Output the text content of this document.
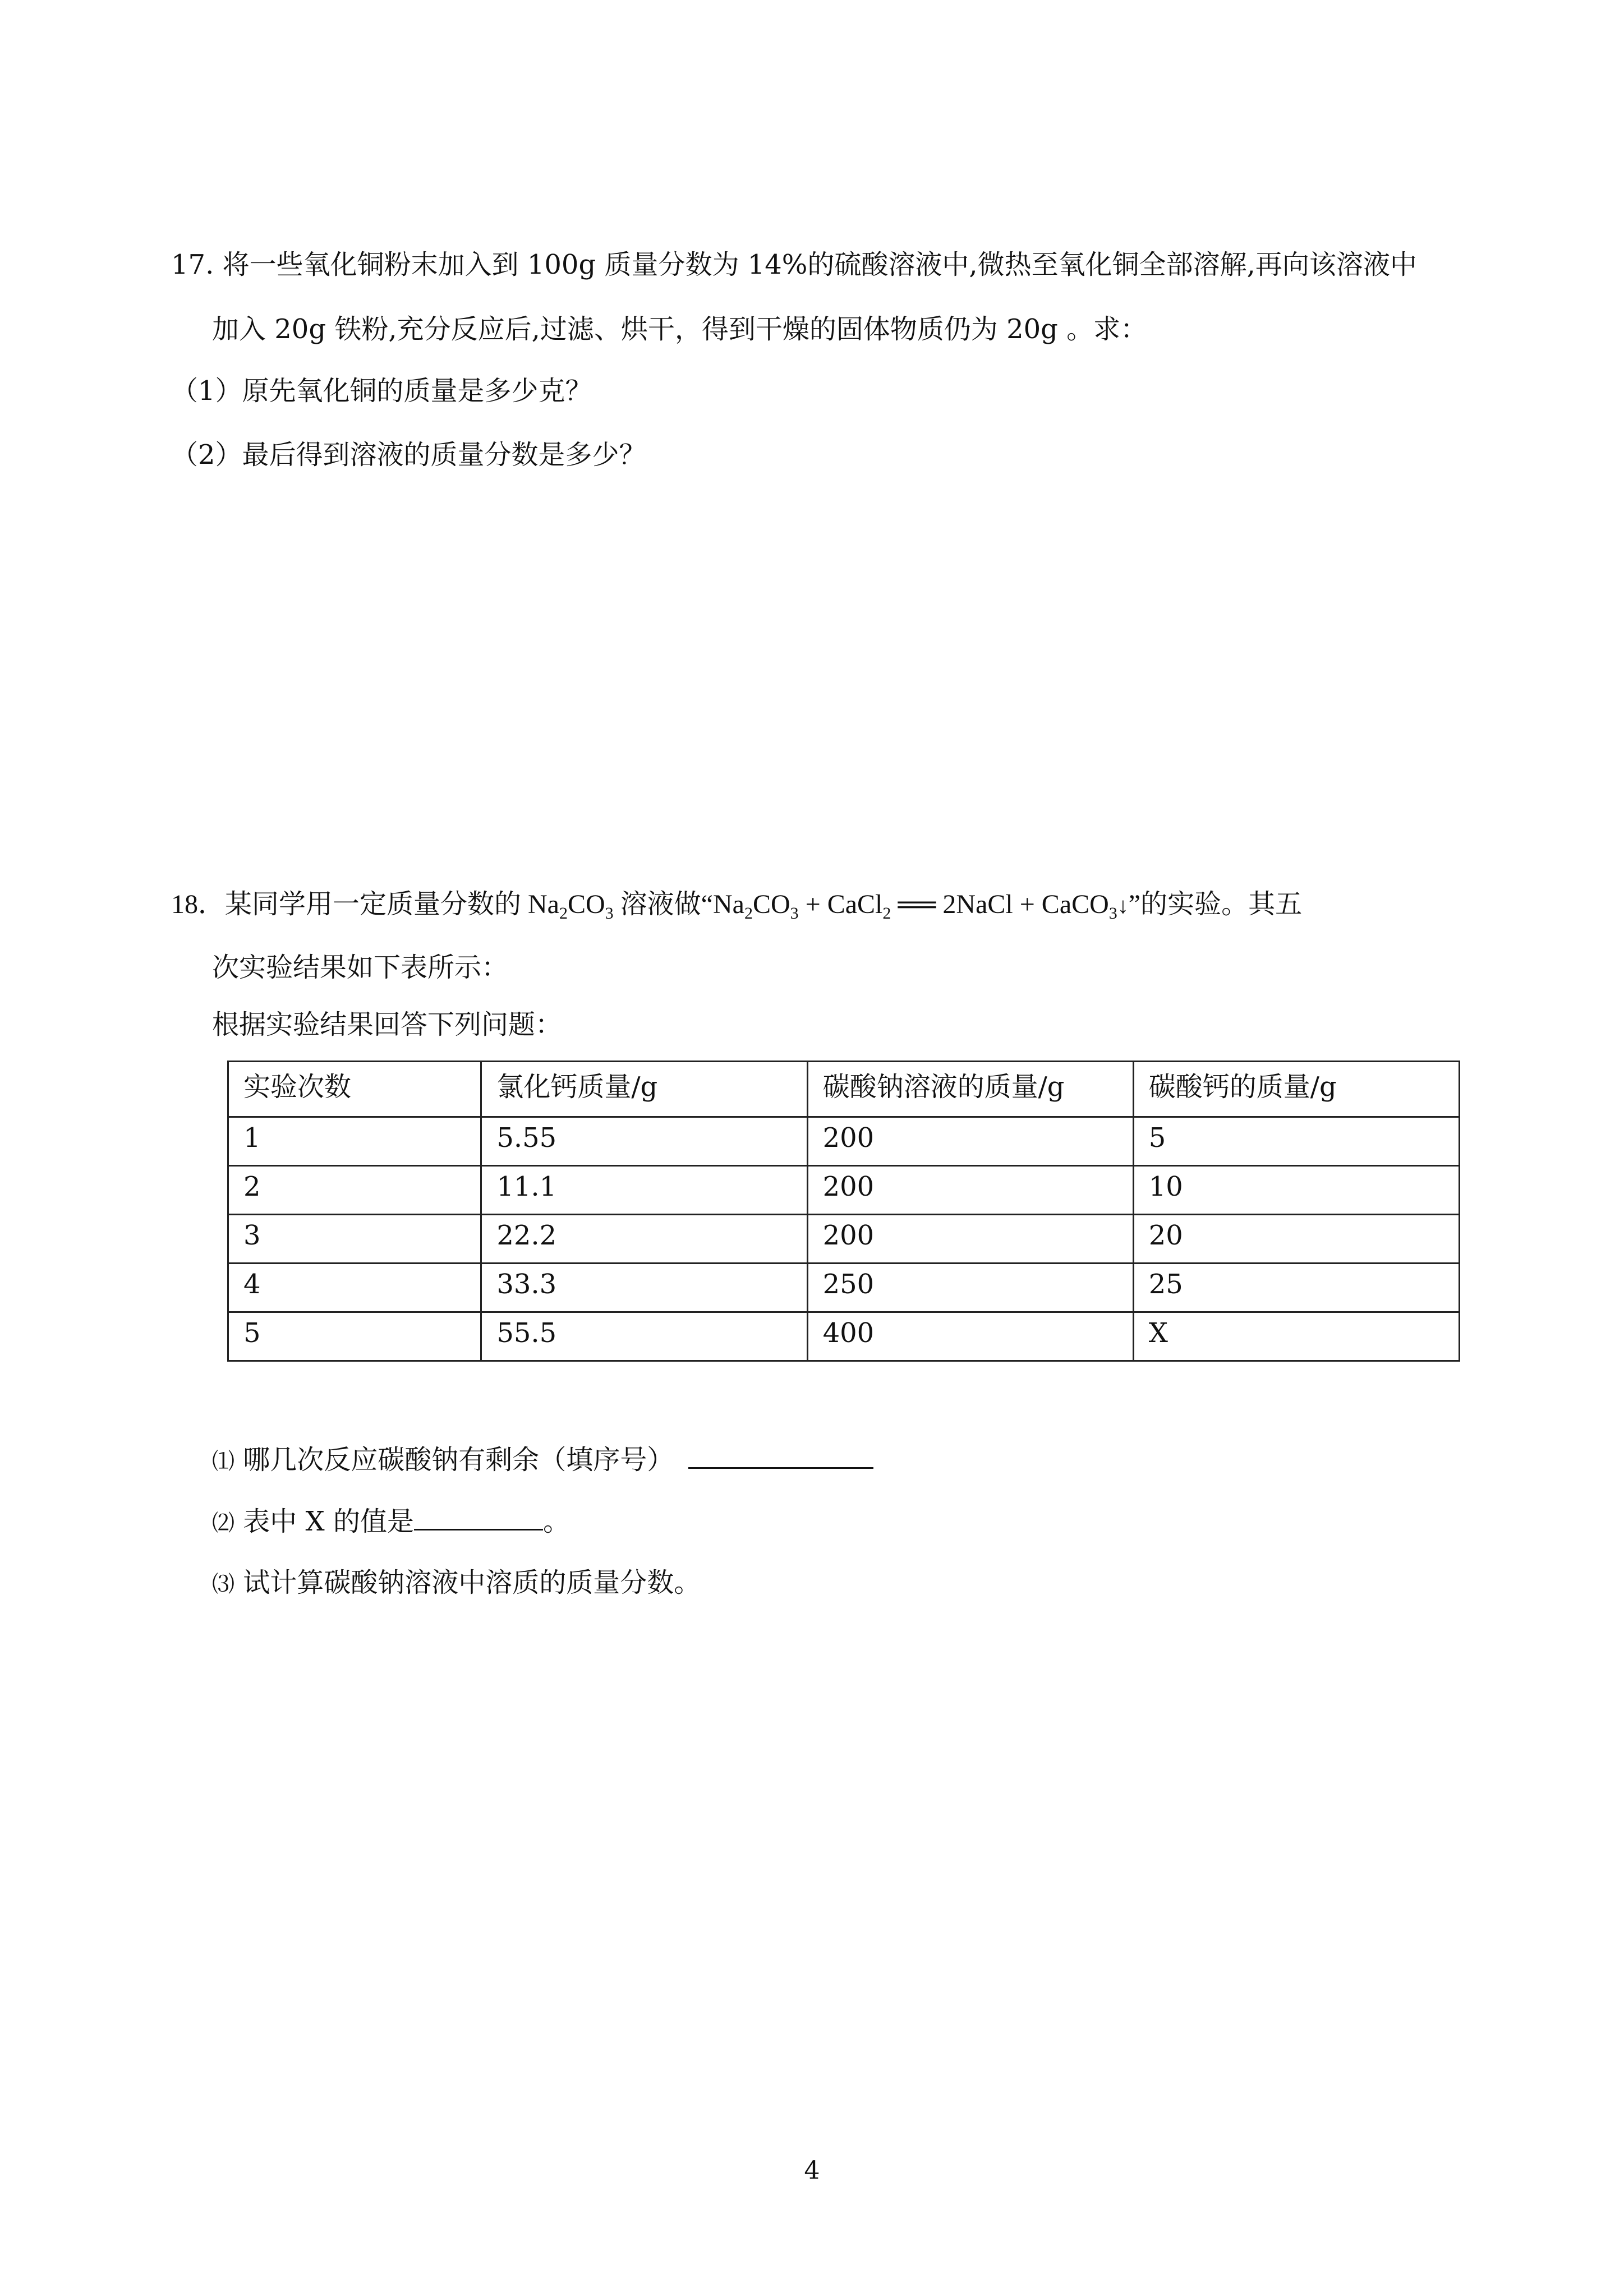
17. 将一些氧化铜粉末加入到 100g 质量分数为 14%的硫酸溶液中,微热至氧化铜全部溶解,再向该溶液中
加入 20g 铁粉,充分反应后,过滤、烘干，得到干燥的固体物质仍为 20g 。求：
（1）原先氧化铜的质量是多少克？
（2）最后得到溶液的质量分数是多少？
18．某同学用一定质量分数的 $Na_2CO_3$ 溶液做“$Na_2CO_3$ + CaCl$_2$ ══ 2NaCl + CaCO$_3$↓”的实验。其五
次实验结果如下表所示：
根据实验结果回答下列问题：
实验次数	氯化钙质量/g	碳酸钠溶液的质量/g	碳酸钙的质量/g
1	5.55	200	5
2	11.1	200	10
3	22.2	200	20
4	33.3	250	25
5	55.5	400	X
⑴ 哪几次反应碳酸钠有剩余（填序号）
⑵ 表中 X 的值是	。
⑶ 试计算碳酸钠溶液中溶质的质量分数。
4
